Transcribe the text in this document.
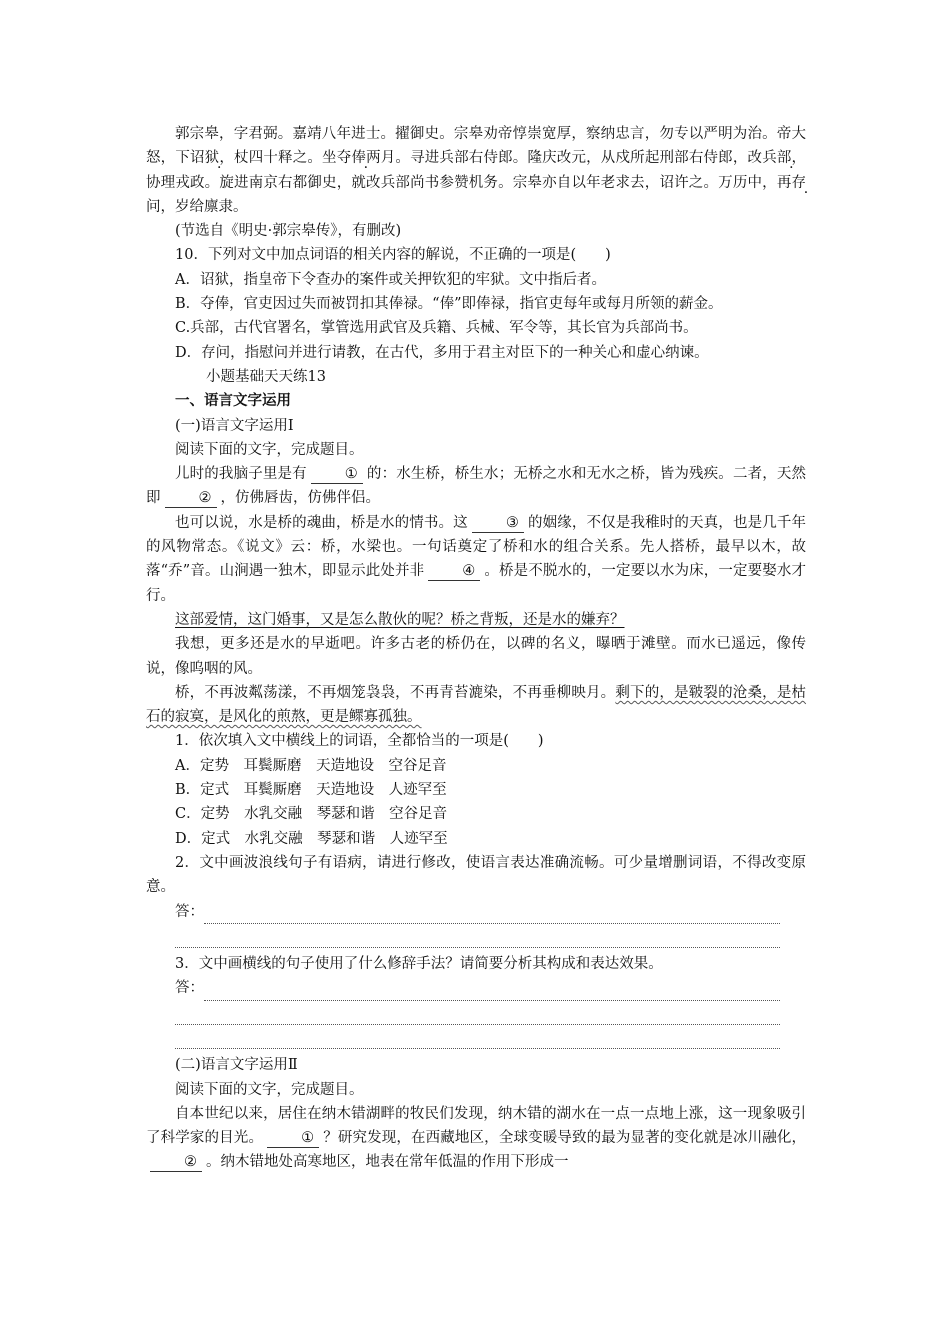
郭宗皋，字君弼。嘉靖八年进士。擢御史。宗皋劝帝惇崇宽厚，察纳忠言，勿专以严明为治。帝大怒，下诏狱，杖四十释之。坐夺俸两月。寻进兵部右侍郎。隆庆改元，从戍所起刑部右侍郎，改兵部，协理戎政。旋进南京右都御史，就改兵部尚书参赞机务。宗皋亦自以年老求去，诏许之。万历中，再存问 ·，岁给廪隶。

(节选自《明史·郭宗皋传》，有删改)

10．下列对文中加点词语的相关内容的解说，不正确的一项是(　　)

A．诏狱，指皇帝下令查办的案件或关押钦犯的牢狱。文中指后者。

B．夺俸，官吏因过失而被罚扣其俸禄。“俸”即俸禄，指官吏每年或每月所领的薪金。

C.兵部，古代官署名，掌管选用武官及兵籍、兵械、军令等，其长官为兵部尚书。

D．存问，指慰问并进行请教，在古代，多用于君主对臣下的一种关心和虚心纳谏。

小题基础天天练13

一、语言文字运用

(一)语言文字运用Ⅰ

阅读下面的文字，完成题目。

儿时的我脑子里是有	① 的：水生桥，桥生水；无桥之水和无水之桥，皆为残疾。二者，天然即	② ，仿佛唇齿，仿佛伴侣。

也可以说，水是桥的魂曲，桥是水的情书。这	③ 的姻缘，不仅是我稚时的天真，也是几千年的风物常态。《说文》云：桥，水梁也。一句话奠定了桥和水的组合关系。先人搭桥，最早以木，故落“乔”音。山涧遇一独木，即显示此处并非	④ 。桥是不脱水的，一定要以水为床，一定要娶水才行。

这部爱情，这门婚事，又是怎么散伙的呢？桥之背叛，还是水的嫌弃？

我想，更多还是水的早逝吧。许多古老的桥仍在，以碑的名义，曝晒于滩壁。而水已遥远，像传说，像呜咽的风。

桥，不再波粼荡漾，不再烟笼袅袅，不再青苔漉染，不再垂柳映月。剩下的，是皲裂的沧桑，是枯石的寂寞，是风化的煎熬，更是鳏寡孤独。

1．依次填入文中横线上的词语，全都恰当的一项是(　　)

A．定势　耳鬓厮磨　天造地设　空谷足音

B．定式　耳鬓厮磨　天造地设　人迹罕至

C．定势　水乳交融　琴瑟和谐　空谷足音

D．定式　水乳交融　琴瑟和谐　人迹罕至

2．文中画波浪线句子有语病，请进行修改，使语言表达准确流畅。可少量增删词语，不得改变原意。

答：

3．文中画横线的句子使用了什么修辞手法？请简要分析其构成和表达效果。

答：

(二)语言文字运用Ⅱ

阅读下面的文字，完成题目。

自本世纪以来，居住在纳木错湖畔的牧民们发现，纳木错的湖水在一点一点地上涨，这一现象吸引了科学家的目光。	① ？研究发现，在西藏地区，全球变暖导致的最为显著的变化就是冰川融化，② 。纳木错地处高寒地区，地表在常年低温的作用下形成一
